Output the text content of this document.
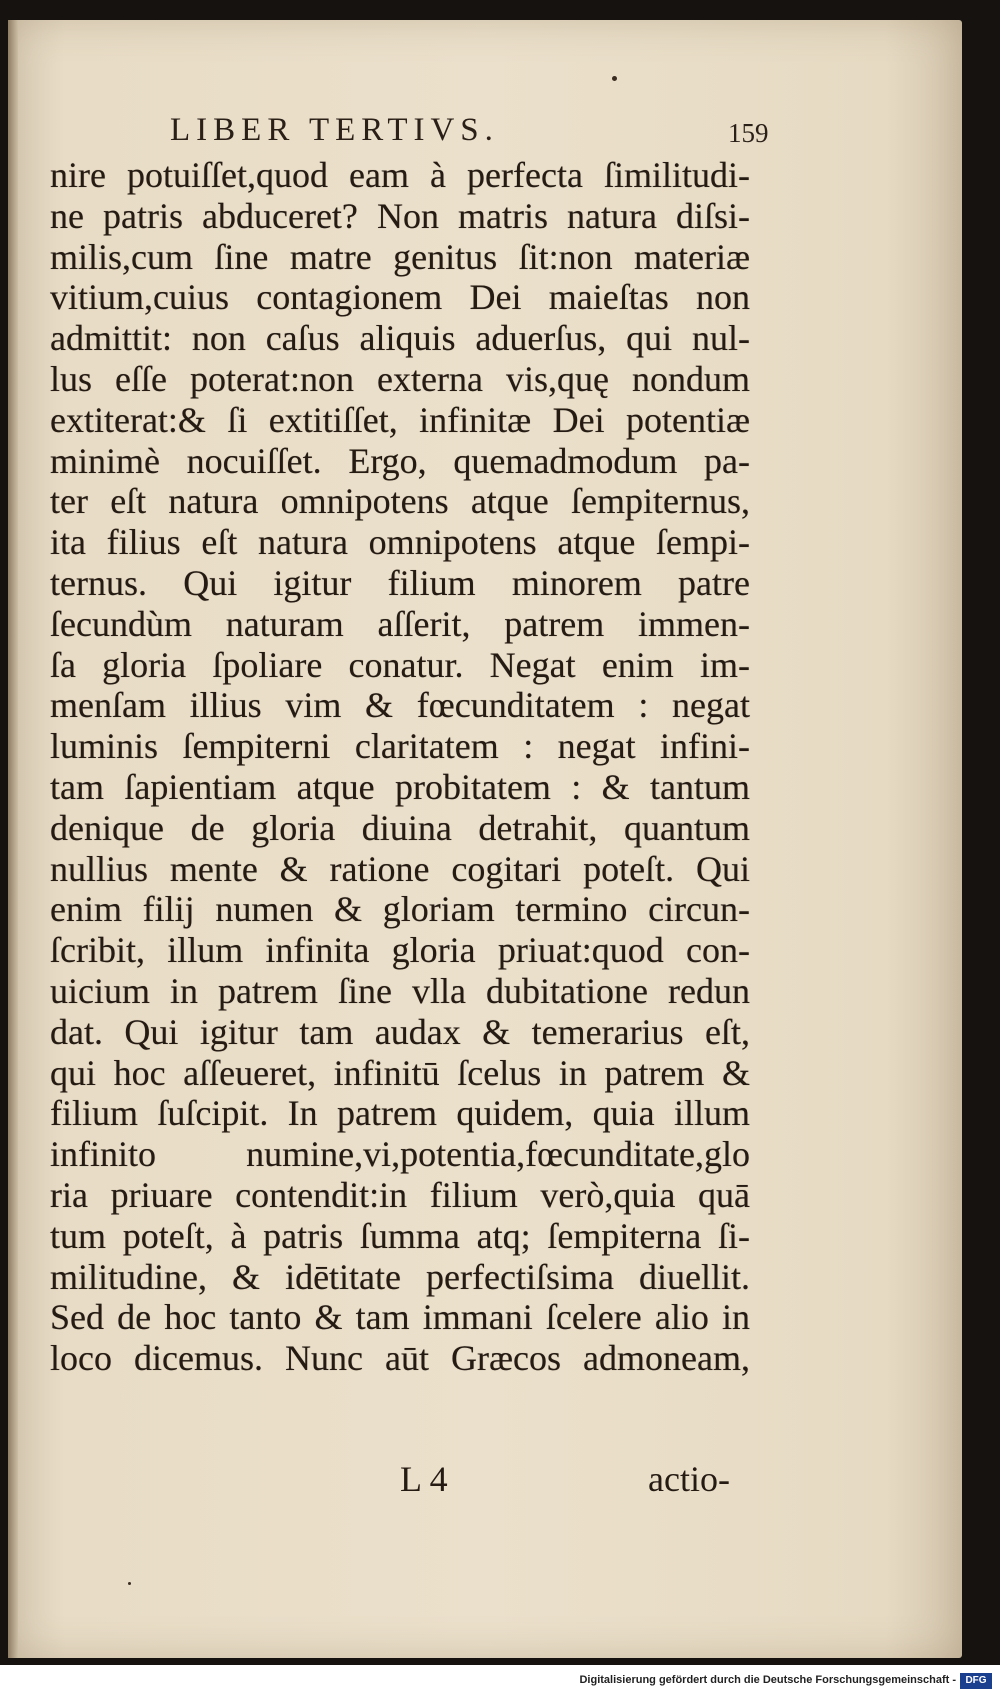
LIBER TERTIVS.	159
nire potuiſſet,quod eam à perfecta ſimilitudi-
ne patris abduceret? Non matris natura diſsi-
milis,cum ſine matre genitus ſit:non materiæ
vitium,cuius contagionem Dei maieſtas non
admittit: non caſus aliquis aduerſus, qui nul-
lus eſſe poterat:non externa vis,quę nondum
extiterat:& ſi extitiſſet, infinitæ Dei potentiæ
minimè nocuiſſet. Ergo, quemadmodum pa-
ter eſt natura omnipotens atque ſempiternus,
ita filius eſt natura omnipotens atque ſempi-
ternus. Qui igitur filium minorem patre
ſecundùm naturam aſſerit, patrem immen-
ſa gloria ſpoliare conatur. Negat enim im-
menſam illius vim & fœcunditatem : negat
luminis ſempiterni claritatem : negat infini-
tam ſapientiam atque probitatem : & tantum
denique de gloria diuina detrahit, quantum
nullius mente & ratione cogitari poteſt. Qui
enim filij numen & gloriam termino circun-
ſcribit, illum infinita gloria priuat:quod con-
uicium in patrem ſine vlla dubitatione redun
dat. Qui igitur tam audax & temerarius eſt,
qui hoc aſſeueret, infinitū ſcelus in patrem &
filium ſuſcipit. In patrem quidem, quia illum
infinito numine,vi,potentia,fœcunditate,glo
ria priuare contendit:in filium verò,quia quā
tum poteſt, à patris ſumma atq; ſempiterna ſi-
militudine, & idētitate perfectiſsima diuellit.
Sed de hoc tanto & tam immani ſcelere alio in
loco dicemus. Nunc aūt Græcos admoneam,
L 4	actio-
Digitalisierung gefördert durch die Deutsche Forschungsgemeinschaft - DFG
